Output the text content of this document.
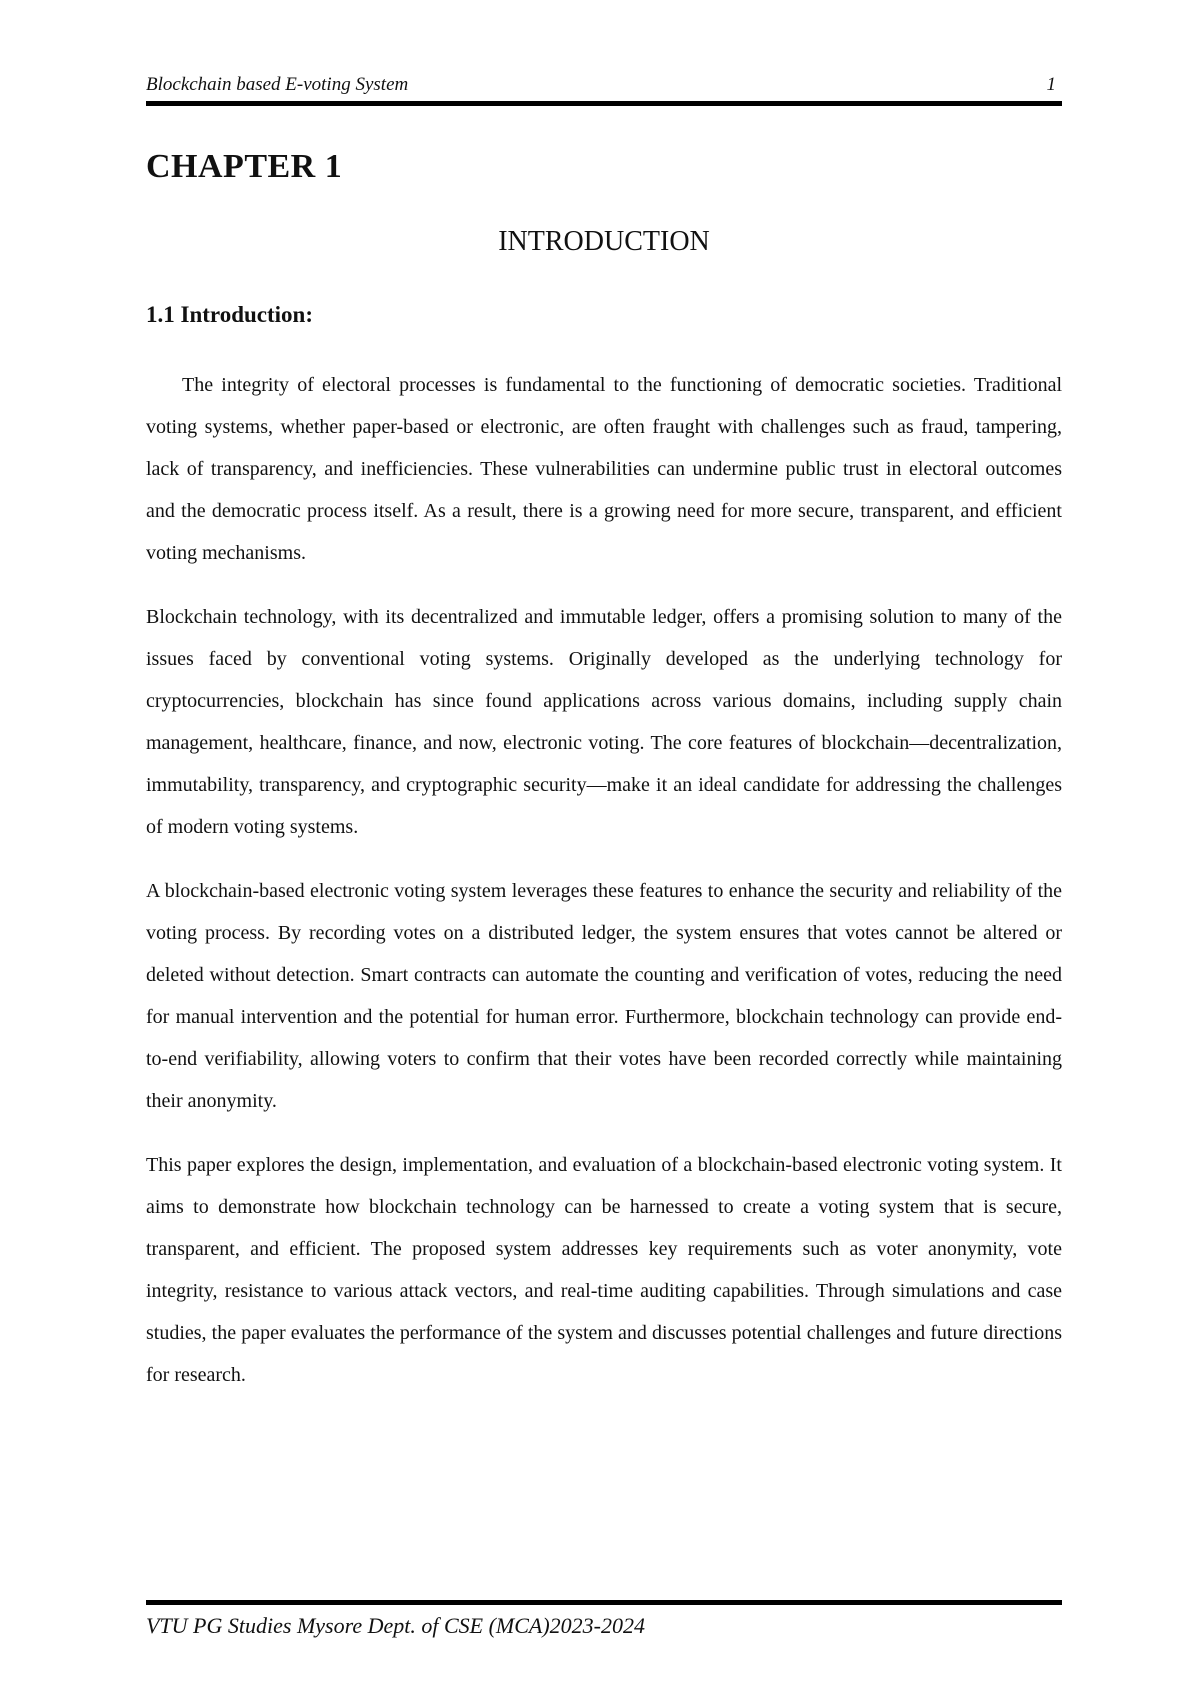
Blockchain based E-voting System	1
CHAPTER 1
INTRODUCTION
1.1 Introduction:

The integrity of electoral processes is fundamental to the functioning of democratic societies. Traditional voting systems, whether paper-based or electronic, are often fraught with challenges such as fraud, tampering, lack of transparency, and inefficiencies. These vulnerabilities can undermine public trust in electoral outcomes and the democratic process itself. As a result, there is a growing need for more secure, transparent, and efficient voting mechanisms.

Blockchain technology, with its decentralized and immutable ledger, offers a promising solution to many of the issues faced by conventional voting systems. Originally developed as the underlying technology for cryptocurrencies, blockchain has since found applications across various domains, including supply chain management, healthcare, finance, and now, electronic voting. The core features of blockchain—decentralization, immutability, transparency, and cryptographic security—make it an ideal candidate for addressing the challenges of modern voting systems.

A blockchain-based electronic voting system leverages these features to enhance the security and reliability of the voting process. By recording votes on a distributed ledger, the system ensures that votes cannot be altered or deleted without detection. Smart contracts can automate the counting and verification of votes, reducing the need for manual intervention and the potential for human error. Furthermore, blockchain technology can provide end-to-end verifiability, allowing voters to confirm that their votes have been recorded correctly while maintaining their anonymity.

This paper explores the design, implementation, and evaluation of a blockchain-based electronic voting system. It aims to demonstrate how blockchain technology can be harnessed to create a voting system that is secure, transparent, and efficient. The proposed system addresses key requirements such as voter anonymity, vote integrity, resistance to various attack vectors, and real-time auditing capabilities. Through simulations and case studies, the paper evaluates the performance of the system and discusses potential challenges and future directions for research.

VTU PG Studies Mysore Dept. of CSE (MCA)2023-2024
